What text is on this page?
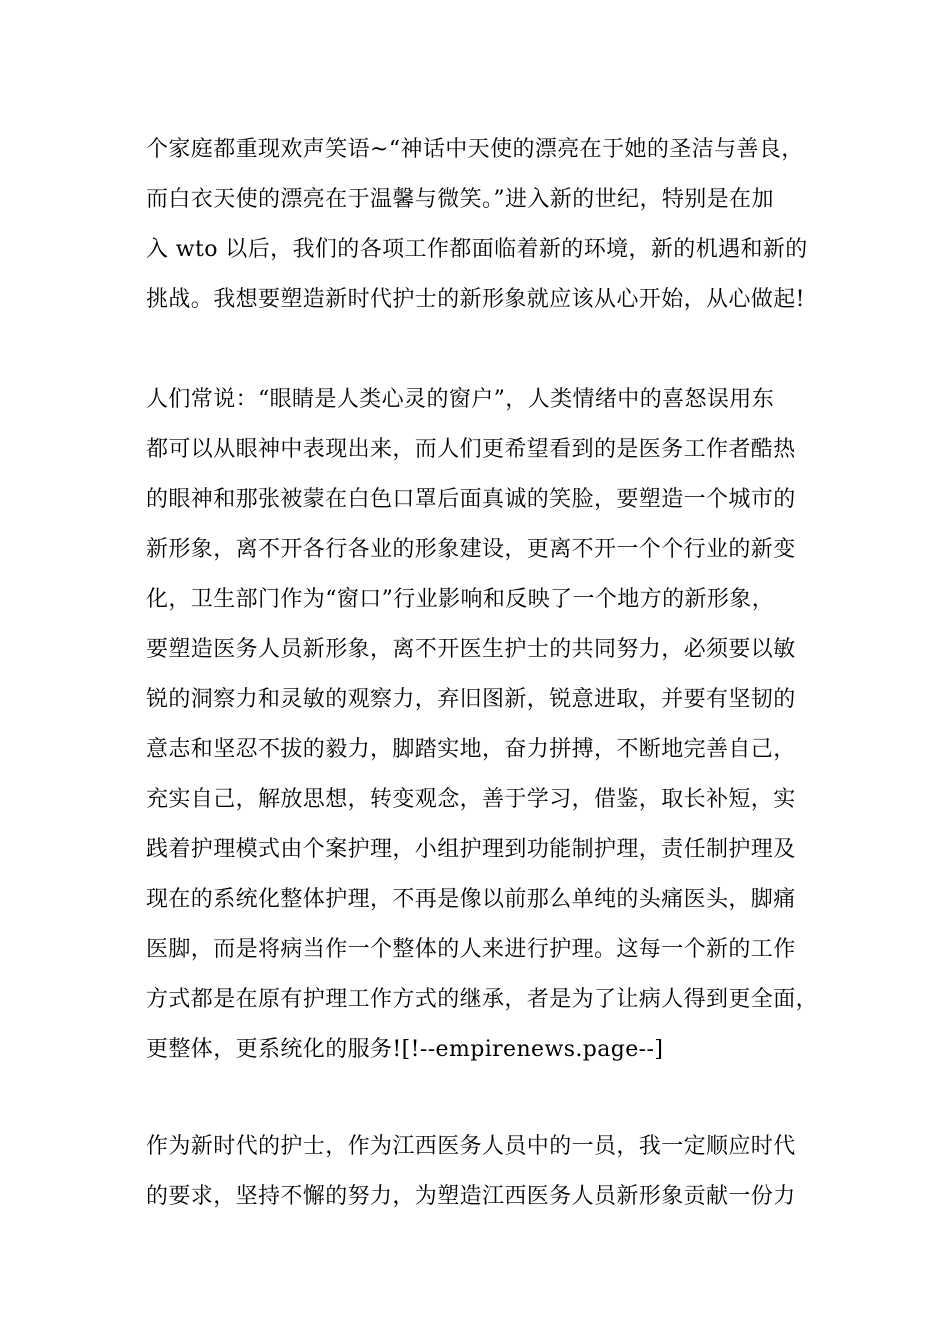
个家庭都重现欢声笑语~“神话中天使的漂亮在于她的圣洁与善良，
而白衣天使的漂亮在于温馨与微笑。”进入新的世纪，特别是在加
入 wto 以后，我们的各项工作都面临着新的环境，新的机遇和新的
挑战。我想要塑造新时代护士的新形象就应该从心开始，从心做起!
人们常说：“眼睛是人类心灵的窗户”，人类情绪中的喜怒误用东
都可以从眼神中表现出来，而人们更希望看到的是医务工作者酷热
的眼神和那张被蒙在白色口罩后面真诚的笑脸，要塑造一个城市的
新形象，离不开各行各业的形象建设，更离不开一个个行业的新变
化，卫生部门作为“窗口”行业影响和反映了一个地方的新形象，
要塑造医务人员新形象，离不开医生护士的共同努力，必须要以敏
锐的洞察力和灵敏的观察力，弃旧图新，锐意进取，并要有坚韧的
意志和坚忍不拔的毅力，脚踏实地，奋力拼搏，不断地完善自己，
充实自己，解放思想，转变观念，善于学习，借鉴，取长补短，实
践着护理模式由个案护理，小组护理到功能制护理，责任制护理及
现在的系统化整体护理，不再是像以前那么单纯的头痛医头，脚痛
医脚，而是将病当作一个整体的人来进行护理。这每一个新的工作
方式都是在原有护理工作方式的继承，者是为了让病人得到更全面，
更整体，更系统化的服务![!--empirenews.page--]
作为新时代的护士，作为江西医务人员中的一员，我一定顺应时代
的要求，坚持不懈的努力，为塑造江西医务人员新形象贡献一份力
